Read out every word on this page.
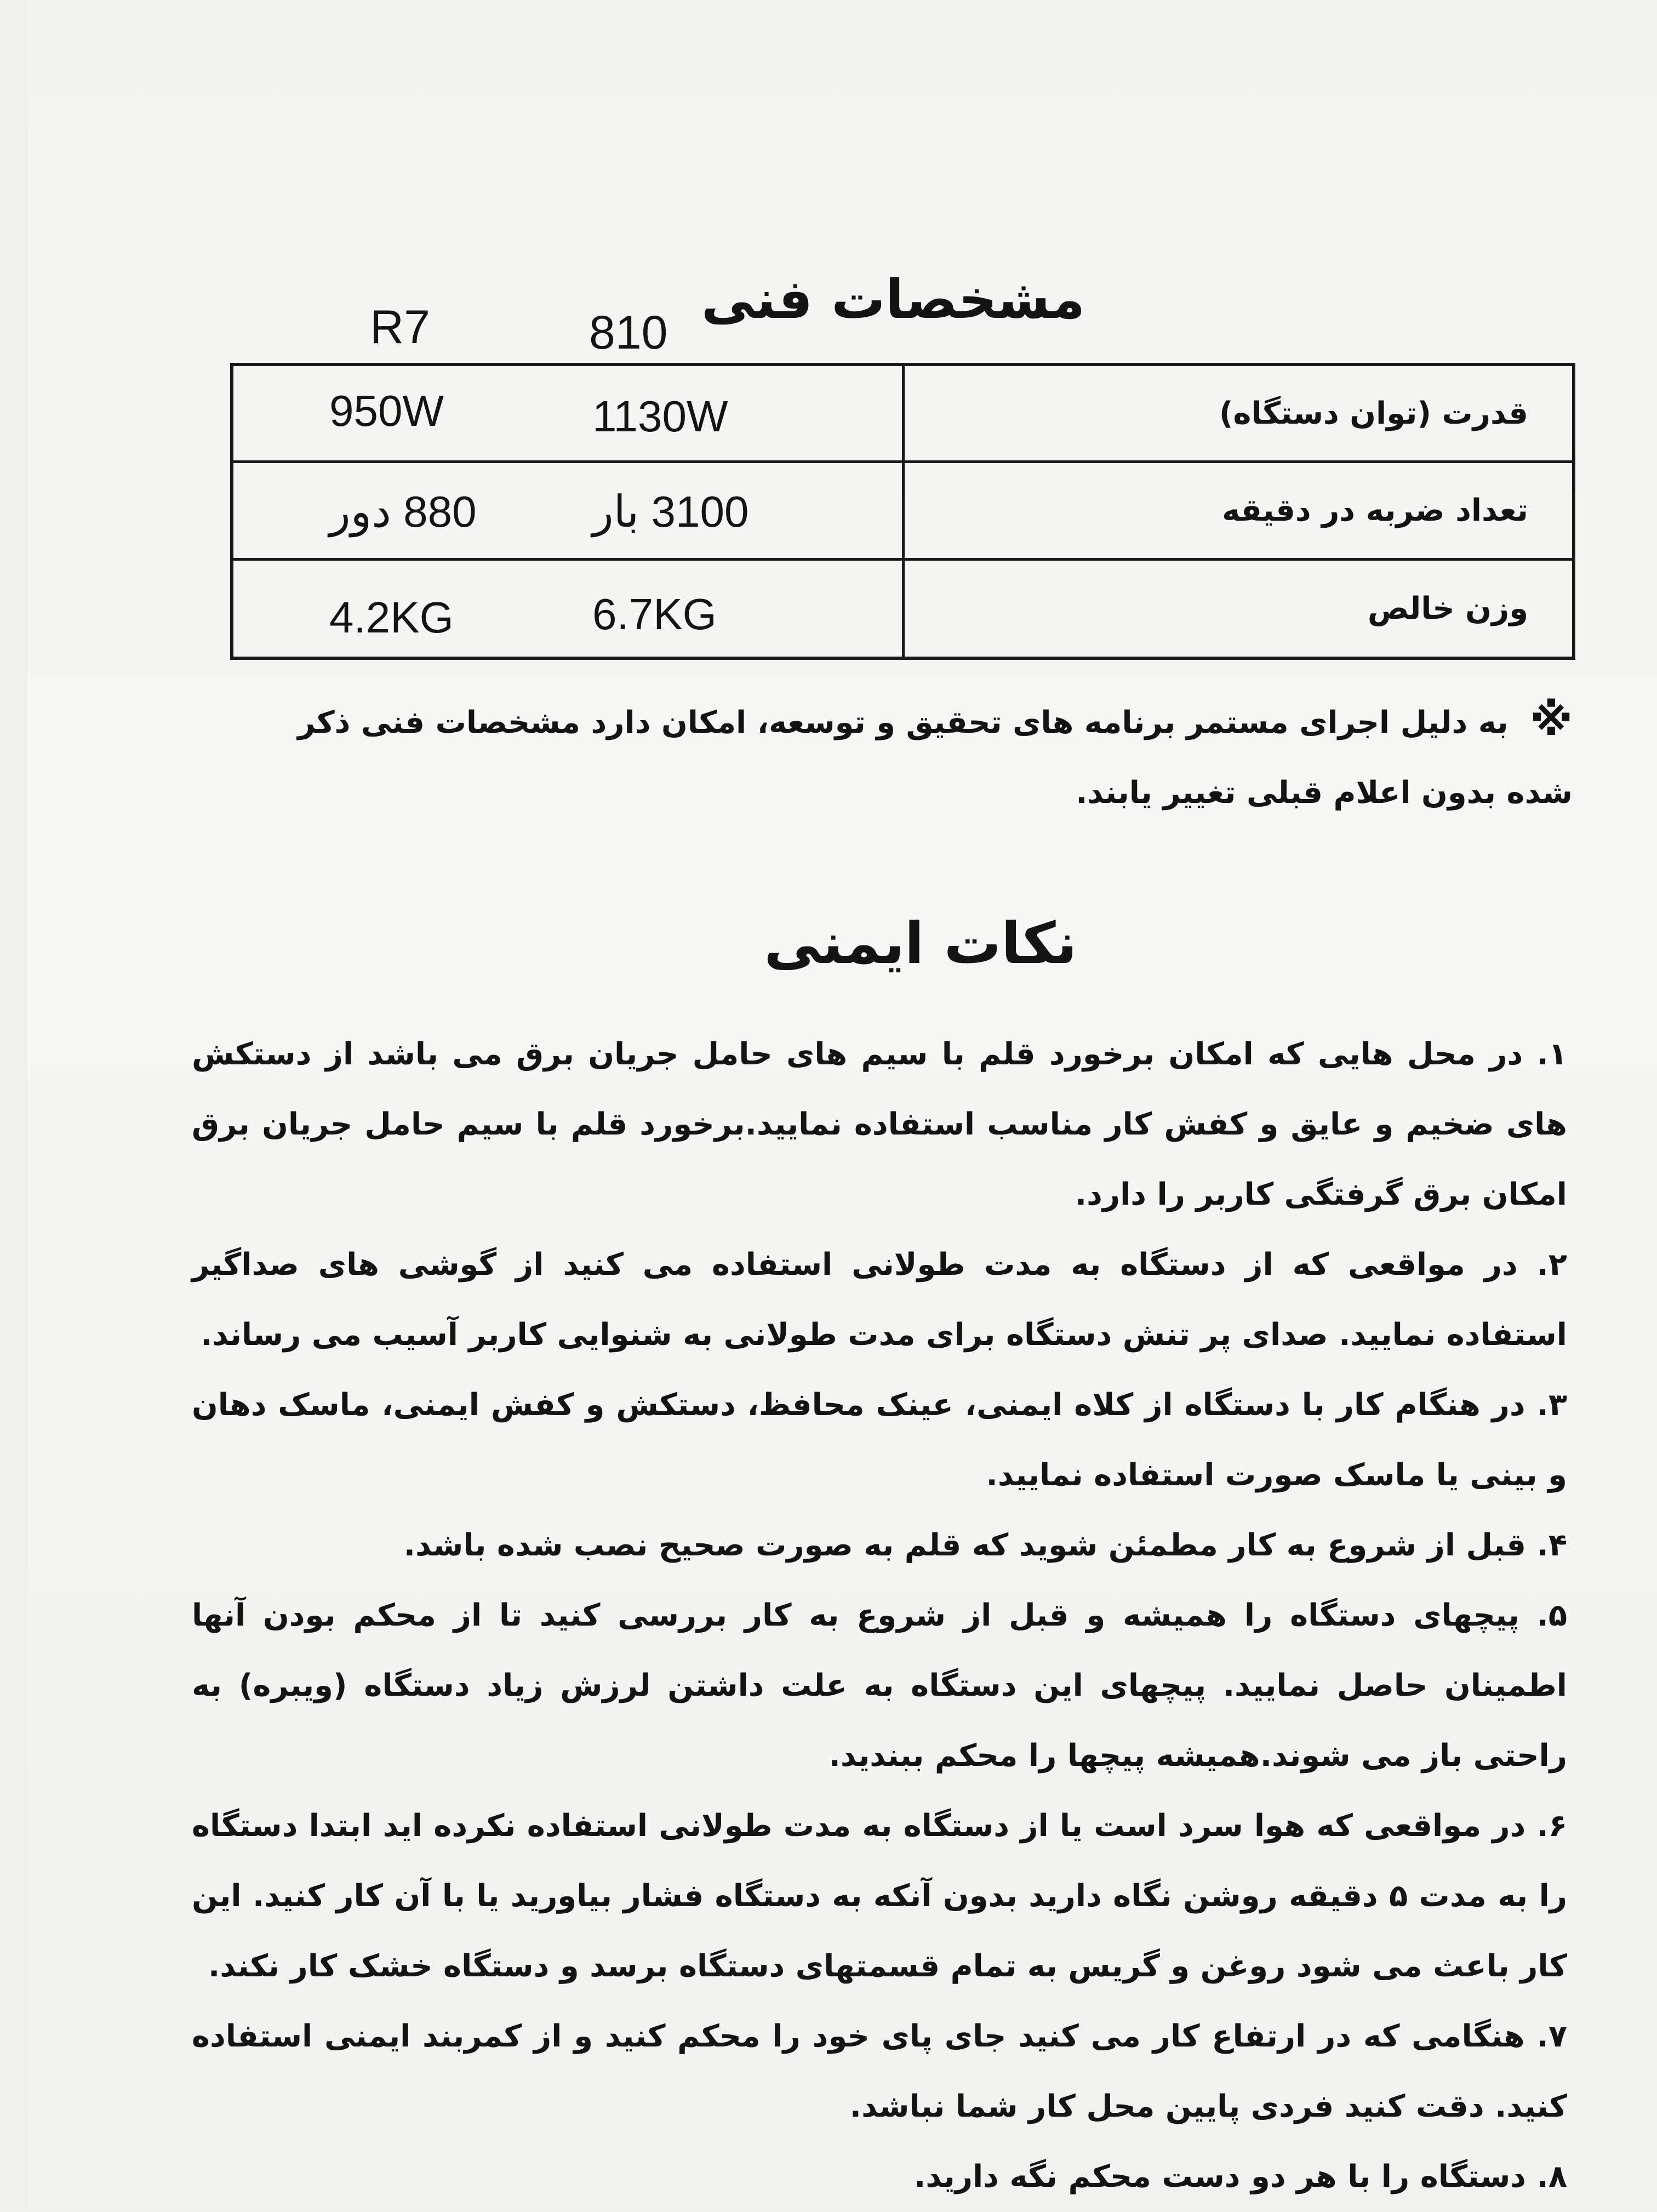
مشخصات فنی
R7	810
950W 1130W	قدرت (توان دستگاه)

880 دور 3100 بار	تعداد ضربه در دقیقه

4.2KG 6.7KG	وزن خالص
※ به دلیل اجرای مستمر برنامه های تحقیق و توسعه، امکان دارد مشخصات فنی ذکر شده بدون اعلام قبلی تغییر یابند.
نکات ایمنی

۱. در محل هایی که امکان برخورد قلم با سیم های حامل جریان برق می باشد از دستکش های ضخیم و عایق و کفش کار مناسب استفاده نمایید.برخورد قلم با سیم حامل جریان برق امکان برق گرفتگی کاربر را دارد.

۲. در مواقعی که از دستگاه به مدت طولانی استفاده می کنید از گوشی های صداگیر استفاده نمایید. صدای پر تنش دستگاه برای مدت طولانی به شنوایی کاربر آسیب می رساند.

۳. در هنگام کار با دستگاه از کلاه ایمنی، عینک محافظ، دستکش و کفش ایمنی، ماسک دهان و بینی یا ماسک صورت استفاده نمایید.

۴. قبل از شروع به کار مطمئن شوید که قلم به صورت صحیح نصب شده باشد.

۵. پیچهای دستگاه را همیشه و قبل از شروع به کار بررسی کنید تا از محکم بودن آنها اطمینان حاصل نمایید. پیچهای این دستگاه به علت داشتن لرزش زیاد دستگاه (ویبره) به راحتی باز می شوند.همیشه پیچها را محکم ببندید.

۶. در مواقعی که هوا سرد است یا از دستگاه به مدت طولانی استفاده نکرده اید ابتدا دستگاه را به مدت ۵ دقیقه روشن نگاه دارید بدون آنکه به دستگاه فشار بیاورید یا با آن کار کنید. این کار باعث می شود روغن و گریس به تمام قسمتهای دستگاه برسد و دستگاه خشک کار نکند.

۷. هنگامی که در ارتفاع کار می کنید جای پای خود را محکم کنید و از کمربند ایمنی استفاده کنید. دقت کنید فردی پایین محل کار شما نباشد.

۸. دستگاه را با هر دو دست محکم نگه دارید.
